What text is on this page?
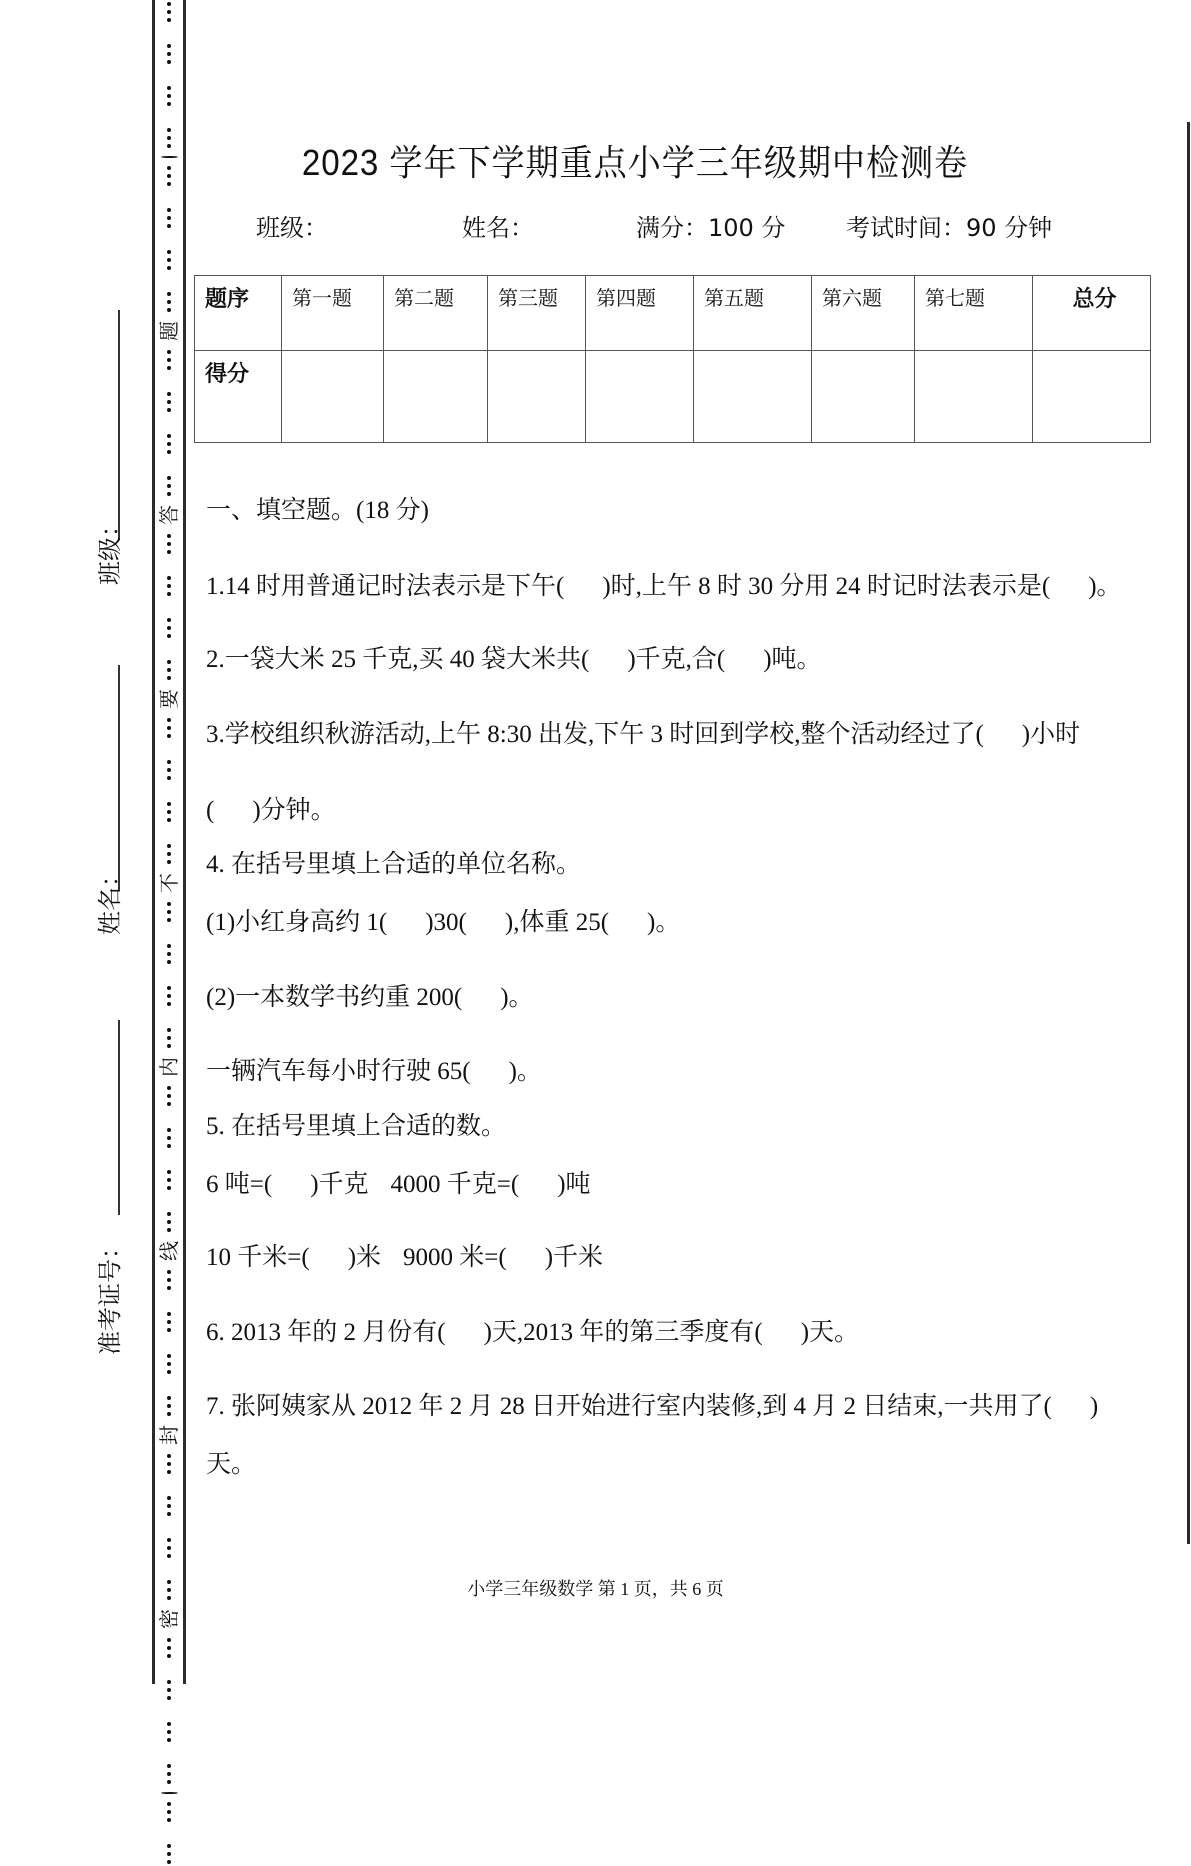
题
答
要
不
内
线
封
密
班级：
姓名：
准考证号：
2023 学年下学期重点小学三年级期中检测卷
班级：	姓名：	满分：100 分	考试时间：90 分钟
题序	第一题	第二题	第三题	第四题	第五题	第六题	第七题	总分
得分								
一、填空题。(18 分)
1.14 时用普通记时法表示是下午( )时,上午 8 时 30 分用 24 时记时法表示是( )。
2.一袋大米 25 千克,买 40 袋大米共( )千克,合( )吨。
3.学校组织秋游活动,上午 8:30 出发,下午 3 时回到学校,整个活动经过了( )小时
( )分钟。
4. 在括号里填上合适的单位名称。
(1)小红身高约 1( )30( ),体重 25( )。
(2)一本数学书约重 200( )。
一辆汽车每小时行驶 65( )。
5. 在括号里填上合适的数。
6 吨=( )千克 4000 千克=( )吨
10 千米=( )米 9000 米=( )千米
6. 2013 年的 2 月份有( )天,2013 年的第三季度有( )天。
7. 张阿姨家从 2012 年 2 月 28 日开始进行室内装修,到 4 月 2 日结束,一共用了( )
天。
小学三年级数学 第 1 页，共 6 页
